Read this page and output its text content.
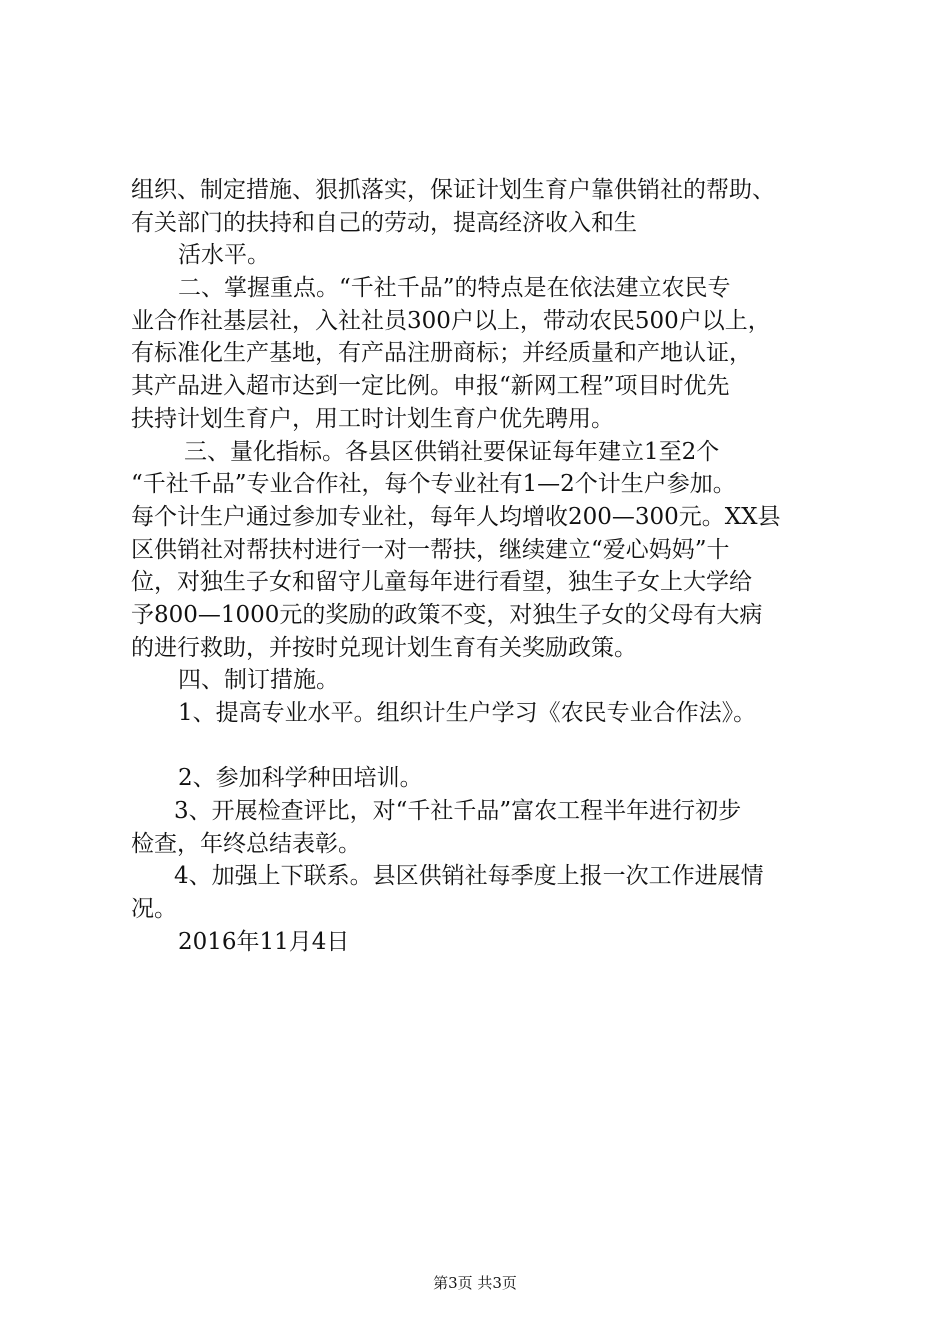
组织、制定措施、狠抓落实，保证计划生育户靠供销社的帮助、
有关部门的扶持和自己的劳动，提高经济收入和生
活水平。
二、掌握重点。“千社千品”的特点是在依法建立农民专
业合作社基层社，入社社员300户以上，带动农民500户以上，
有标准化生产基地，有产品注册商标；并经质量和产地认证，
其产品进入超市达到一定比例。申报“新网工程”项目时优先
扶持计划生育户，用工时计划生育户优先聘用。
三、量化指标。各县区供销社要保证每年建立1至2个
“千社千品”专业合作社，每个专业社有1—2个计生户参加。
每个计生户通过参加专业社，每年人均增收200—300元。XX县
区供销社对帮扶村进行一对一帮扶，继续建立“爱心妈妈”十
位，对独生子女和留守儿童每年进行看望，独生子女上大学给
予800—1000元的奖励的政策不变，对独生子女的父母有大病
的进行救助，并按时兑现计划生育有关奖励政策。
四、制订措施。
1、提高专业水平。组织计生户学习《农民专业合作法》。
2、参加科学种田培训。
3、开展检查评比，对“千社千品”富农工程半年进行初步
检查，年终总结表彰。
4、加强上下联系。县区供销社每季度上报一次工作进展情
况。
2016年11月4日
第3页 共3页
